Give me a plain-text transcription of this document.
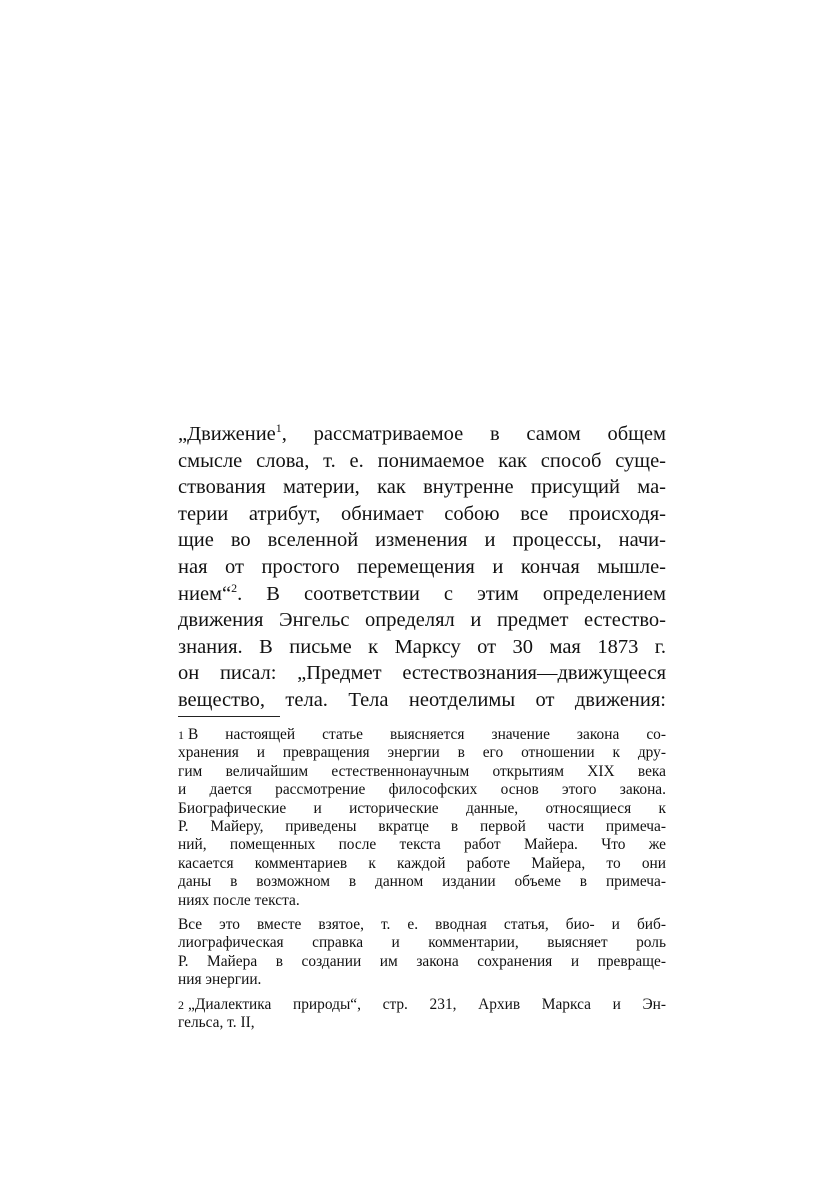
„Движение$^1$, рассматриваемое в самом общем
смысле слова, т. е. понимаемое как способ суще-
ствования материи, как внутренне присущий ма-
терии атрибут, обнимает собою все происходя-
щие во вселенной изменения и процессы, начи-
ная от простого перемещения и кончая мышле-
нием“$^2$. В соответствии с этим определением
движения Энгельс определял и предмет естество-
знания. В письме к Марксу от 30 мая 1873 г.
он писал: „Предмет естествознания—движущееся
вещество, тела. Тела неотделимы от движения:
1 В настоящей статье выясняется значение закона со-
хранения и превращения энергии в его отношении к дру-
гим величайшим естественнонаучным открытиям XIX века
и дается рассмотрение философских основ этого закона.
Биографические и исторические данные, относящиеся к
Р. Майеру, приведены вкратце в первой части примеча-
ний, помещенных после текста работ Майера. Что же
касается комментариев к каждой работе Майера, то они
даны в возможном в данном издании объеме в примеча-
ниях после текста.
Все это вместе взятое, т. е. вводная статья, био- и биб-
лиографическая справка и комментарии, выясняет роль
Р. Майера в создании им закона сохранения и превраще-
ния энергии.
2 „Диалектика природы“, стр. 231, Архив Маркса и Эн-
гельса, т. II,
